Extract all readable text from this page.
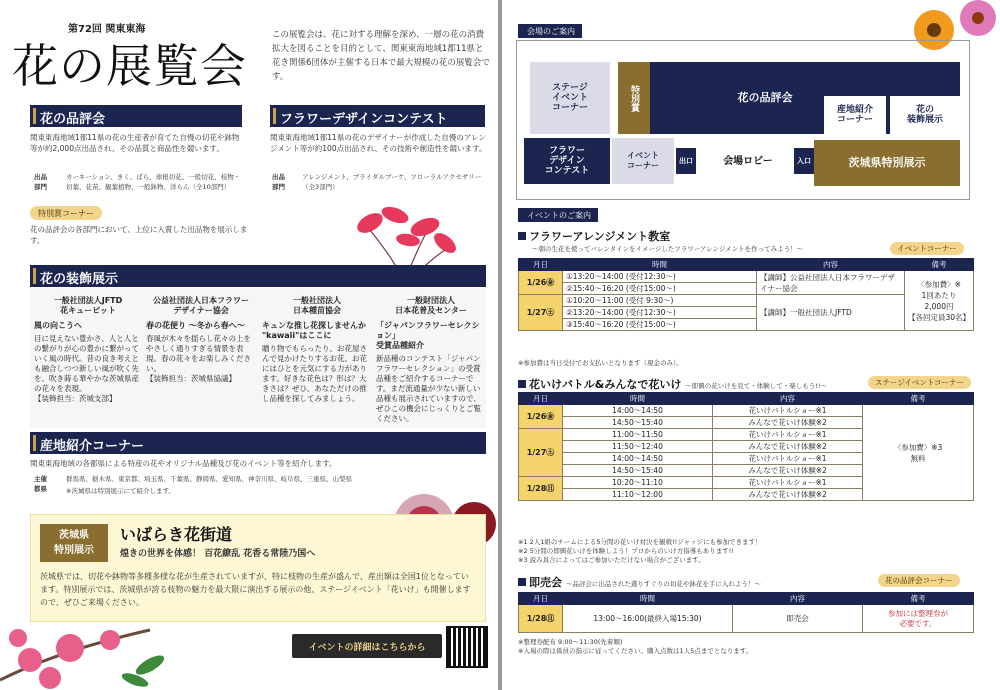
第72回 関東東海
花の展覧会
この展覧会は、花に対する理解を深め、一層の花の消費拡大を図ることを目的として、関東東海地域1都11県と花き関係6団体が主催する日本で最大規模の花の展覧会です。
花の品評会
関東東海地域1都11県の花の生産者が育てた自慢の切花や鉢物等が約2,000点出品され、その品質と商品性を競います。
出品
部門
カーネーション、きく、ばら、球根切花、一般切花、枝物・切葉、花苗、観葉植物、一般鉢物、洋らん（全10部門）
フラワーデザインコンテスト
関東東海地域1都11県の花のデザイナーが作成した自慢のアレンジメント等が約100点出品され、その技術や創造性を競います。
出品
部門
アレンジメント、ブライダルブーケ、フローラルアクセサリー（全3部門）
特別賞コーナー
花の品評会の各部門において、上位に入賞した出品物を展示します。
花の装飾展示
一般社団法人JFTD
花キューピット
風の向こうへ
目に見えない豊かさ、人と人との繋がりが心の豊かに繋がっていく風の時代。昔の良き考えとも融合しつつ新しい風が吹く先を、吹き蒔る華やかな茨城県産の花々を表現。
【装飾担当：茨城支部】
公益社団法人日本フラワー
デザイナー協会
春の花便り 〜冬から春へ〜
春風が木々を揺らし花々の上をやさしく通りすぎる情景を表現。春の花々をお楽しみください。
【装飾担当：茨城県協議】
一般社団法人
日本種苗協会
キュンな推し花探しませんか
"kawaii"はここに
贈り物でもらったり、お花屋さんで見かけたりするお花。お花にはひとを元気にする力があります。好きな花色は？形は？大きさは？ぜひ、あなただけの推し品種を探してみましょう。
一般財団法人
日本花普及センター
「ジャパンフラワーセレクション」
受賞品種紹介
新品種のコンテスト「ジャパンフラワーセレクション」の受賞品種をご紹介するコーナーです。まだ流通量が少ない新しい品種も展示されていますので、ぜひこの機会にじっくりとご覧ください。
産地紹介コーナー
関東東海地域の各都県による特産の花やオリジナル品種及び花のイベント等を紹介します。
主催
都県
群馬県、栃木県、東京都、埼玉県、千葉県、静岡県、愛知県、神奈川県、岐阜県、三重県、山梨県
※茨城県は特別展示にて紹介します。
茨城県
特別展示
いばらき花街道
煌きの世界を体感！ 百花繚乱 花香る常陸乃国へ
茨城県では、切花や鉢物等多種多様な花が生産されていますが、特に枝物の生産が盛んで、産出額は全国1位となっています。特別展示では、茨城県が誇る枝物の魅力を最大限に演出する展示の他、ステージイベント「花いけ」も開催しますので、ぜひご来場ください。
イベントの詳細はこちらから
会場のご案内
ステージ
イベント
コーナー	特別賞	花の品評会
産地紹介
コーナー
花の
装飾展示
フラワー
デザイン
コンテスト
イベント
コーナー	出口	会場ロビー	入口	茨城県特別展示
イベントのご案内
フラワーアレンジメント教室
〜朝の生花を使ってバレンタインをイメージしたフラワーアレンジメントを作ってみよう！〜	イベントコーナー
月日	時間	内容	備考
1/26㊎	①13:20〜14:00 (受付12:30〜)	【講師】公益社団法人日本フラワーデザイナー協会	〈参加費〉※
1回あたり
2,000円
【各回定員30名】
	②15:40〜16:20 (受付15:00〜)		
1/27㊏	①10:20〜11:00 (受付 9:30〜)	【講師】一般社団法人JFTD	
	②13:20〜14:00 (受付12:30〜)		
	③15:40〜16:20 (受付15:00〜)		
※参加費は当日受付でお支払いとなります（現金のみ）。
花いけバトル&みんなで花いけ 〜即興の花いけを見て・体験して・楽しもう!!〜	ステージイベントコーナー
月日	時間	内容	備考
1/26㊎	14:00〜14:50	花いけバトルショー※1	〈参加費〉※3
無料
	14:50〜15:40	みんなで花いけ体験※2	
1/27㊏	11:00〜11:50	花いけバトルショー※1	
	11:50〜12:40	みんなで花いけ体験※2	
	14:00〜14:50	花いけバトルショー※1	
	14:50〜15:40	みんなで花いけ体験※2	
1/28㊐	10:20〜11:10	花いけバトルショー※1	
	11:10〜12:00	みんなで花いけ体験※2	
※1 2人1組のチームによる5分間の花いけ対決を観戦!!ジャッジにも参加できます！
※2 5分間の即興花いけを体験しよう！プロからのいけ方指導もあります!!
※3 説み具合によってはご参加いただけない場合がございます。
即売会 〜品評会に出品された選りすぐりの切花や鉢花を手に入れよう！〜	花の品評会コーナー
月日	時間	内容	備考
1/28㊐	13:00〜16:00(最終入場15:30)	即売会	参加には整理券が
必要です。
※整理券配布 9:00〜11:30(先着順)
※入場の際は係員の指示に従ってください。購入点数は1人5点までとなります。
